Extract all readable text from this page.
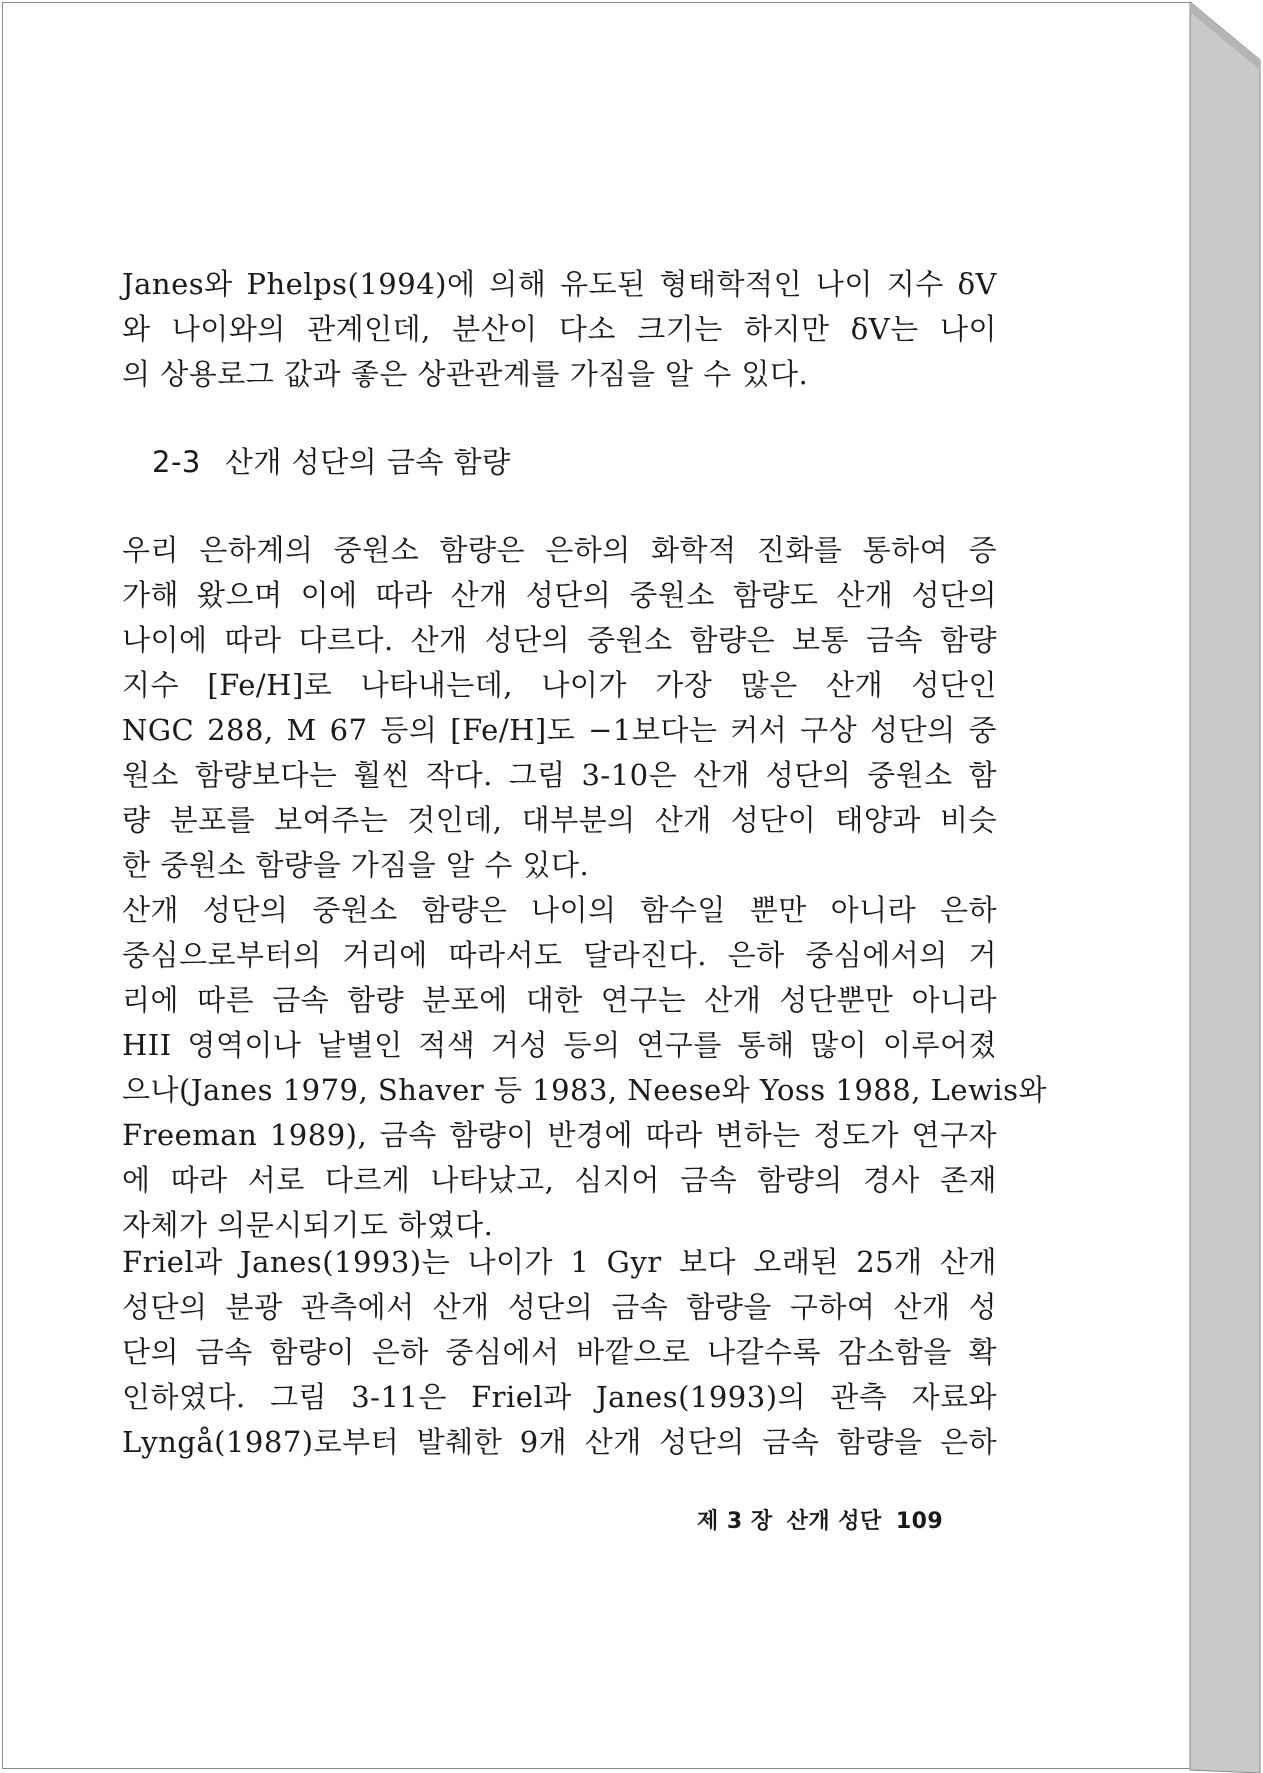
Janes와 Phelps(1994)에 의해 유도된 형태학적인 나이 지수 δV
와 나이와의 관계인데, 분산이 다소 크기는 하지만 δV는 나이
의 상용로그 값과 좋은 상관관계를 가짐을 알 수 있다.
2-3 산개 성단의 금속 함량
우리 은하계의 중원소 함량은 은하의 화학적 진화를 통하여 증
가해 왔으며 이에 따라 산개 성단의 중원소 함량도 산개 성단의
나이에 따라 다르다. 산개 성단의 중원소 함량은 보통 금속 함량
지수 [Fe/H]로 나타내는데, 나이가 가장 많은 산개 성단인
NGC 288, M 67 등의 [Fe/H]도 −1보다는 커서 구상 성단의 중
원소 함량보다는 훨씬 작다. 그림 3-10은 산개 성단의 중원소 함
량 분포를 보여주는 것인데, 대부분의 산개 성단이 태양과 비슷
한 중원소 함량을 가짐을 알 수 있다.
산개 성단의 중원소 함량은 나이의 함수일 뿐만 아니라 은하
중심으로부터의 거리에 따라서도 달라진다. 은하 중심에서의 거
리에 따른 금속 함량 분포에 대한 연구는 산개 성단뿐만 아니라
HII 영역이나 낱별인 적색 거성 등의 연구를 통해 많이 이루어졌
으나(Janes 1979, Shaver 등 1983, Neese와 Yoss 1988, Lewis와
Freeman 1989), 금속 함량이 반경에 따라 변하는 정도가 연구자
에 따라 서로 다르게 나타났고, 심지어 금속 함량의 경사 존재
자체가 의문시되기도 하였다.
Friel과 Janes(1993)는 나이가 1 Gyr 보다 오래된 25개 산개
성단의 분광 관측에서 산개 성단의 금속 함량을 구하여 산개 성
단의 금속 함량이 은하 중심에서 바깥으로 나갈수록 감소함을 확
인하였다. 그림 3-11은 Friel과 Janes(1993)의 관측 자료와
Lyngå(1987)로부터 발췌한 9개 산개 성단의 금속 함량을 은하
제 3 장 산개 성단 109
